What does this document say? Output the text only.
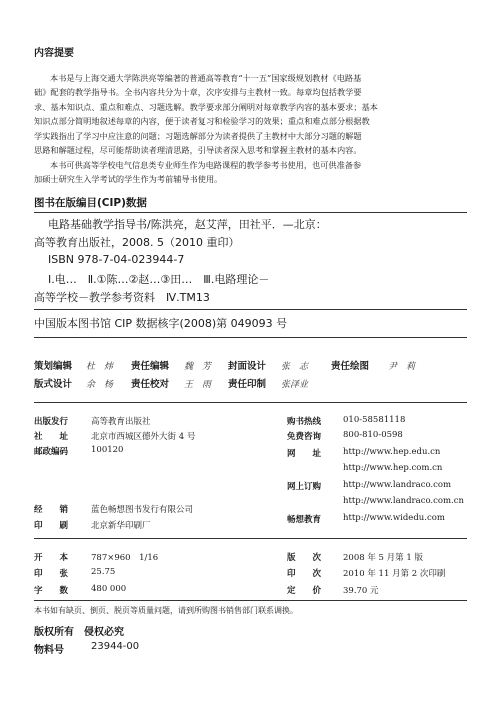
内容提要
本书是与上海交通大学陈洪亮等编著的普通高等教育“十一五”国家级规划教材《电路基
础》配套的教学指导书。全书内容共分为十章，次序安排与主教材一致。每章均包括教学要
求、基本知识点、重点和难点、习题选解。教学要求部分阐明对每章教学内容的基本要求；基本
知识点部分简明地叙述每章的内容，便于读者复习和检验学习的效果；重点和难点部分根据教
学实践指出了学习中应注意的问题；习题选解部分为读者提供了主教材中大部分习题的解题
思路和解题过程，尽可能帮助读者理清思路，引导读者深入思考和掌握主教材的基本内容。
本书可供高等学校电气信息类专业师生作为电路课程的教学参考书使用，也可供准备参
加硕士研究生入学考试的学生作为考前辅导书使用。
图书在版编目(CIP)数据
电路基础教学指导书/陈洪亮，赵艾萍，田社平．—北京：
高等教育出版社，2008. 5（2010 重印）
ISBN 978-7-04-023944-7
Ⅰ.电…　Ⅱ.①陈…②赵…③田…　Ⅲ.电路理论－
高等学校－教学参考资料　Ⅳ.TM13
中国版本图书馆 CIP 数据核字(2008)第 049093 号
策划编辑 杜　炜 责任编辑 魏　芳 封面设计 张　志 责任绘图 尹　莉
版式设计 余　杨 责任校对 王　雨 责任印制 张泽业
出版发行	高等教育出版社
社　　址	北京市西城区德外大街 4 号
邮政编码	100120
经　　销	蓝色畅想图书发行有限公司
印　　刷	北京新华印刷厂
购书热线	010-58581118
免费咨询	800-810-0598
网　　址	http://www.hep.edu.cn
http://www.hep.com.cn
网上订购	http://www.landraco.com
http://www.landraco.com.cn
畅想教育	http://www.widedu.com
开　　本	787×960　1/16
印　　张	25.75
字　　数	480 000
版　　次	2008 年 5 月第 1 版
印　　次	2010 年 11 月第 2 次印刷
定　　价	39.70 元
本书如有缺页、倒页、脱页等质量问题，请到所购图书销售部门联系调换。
版权所有　侵权必究
物料号	23944-00
